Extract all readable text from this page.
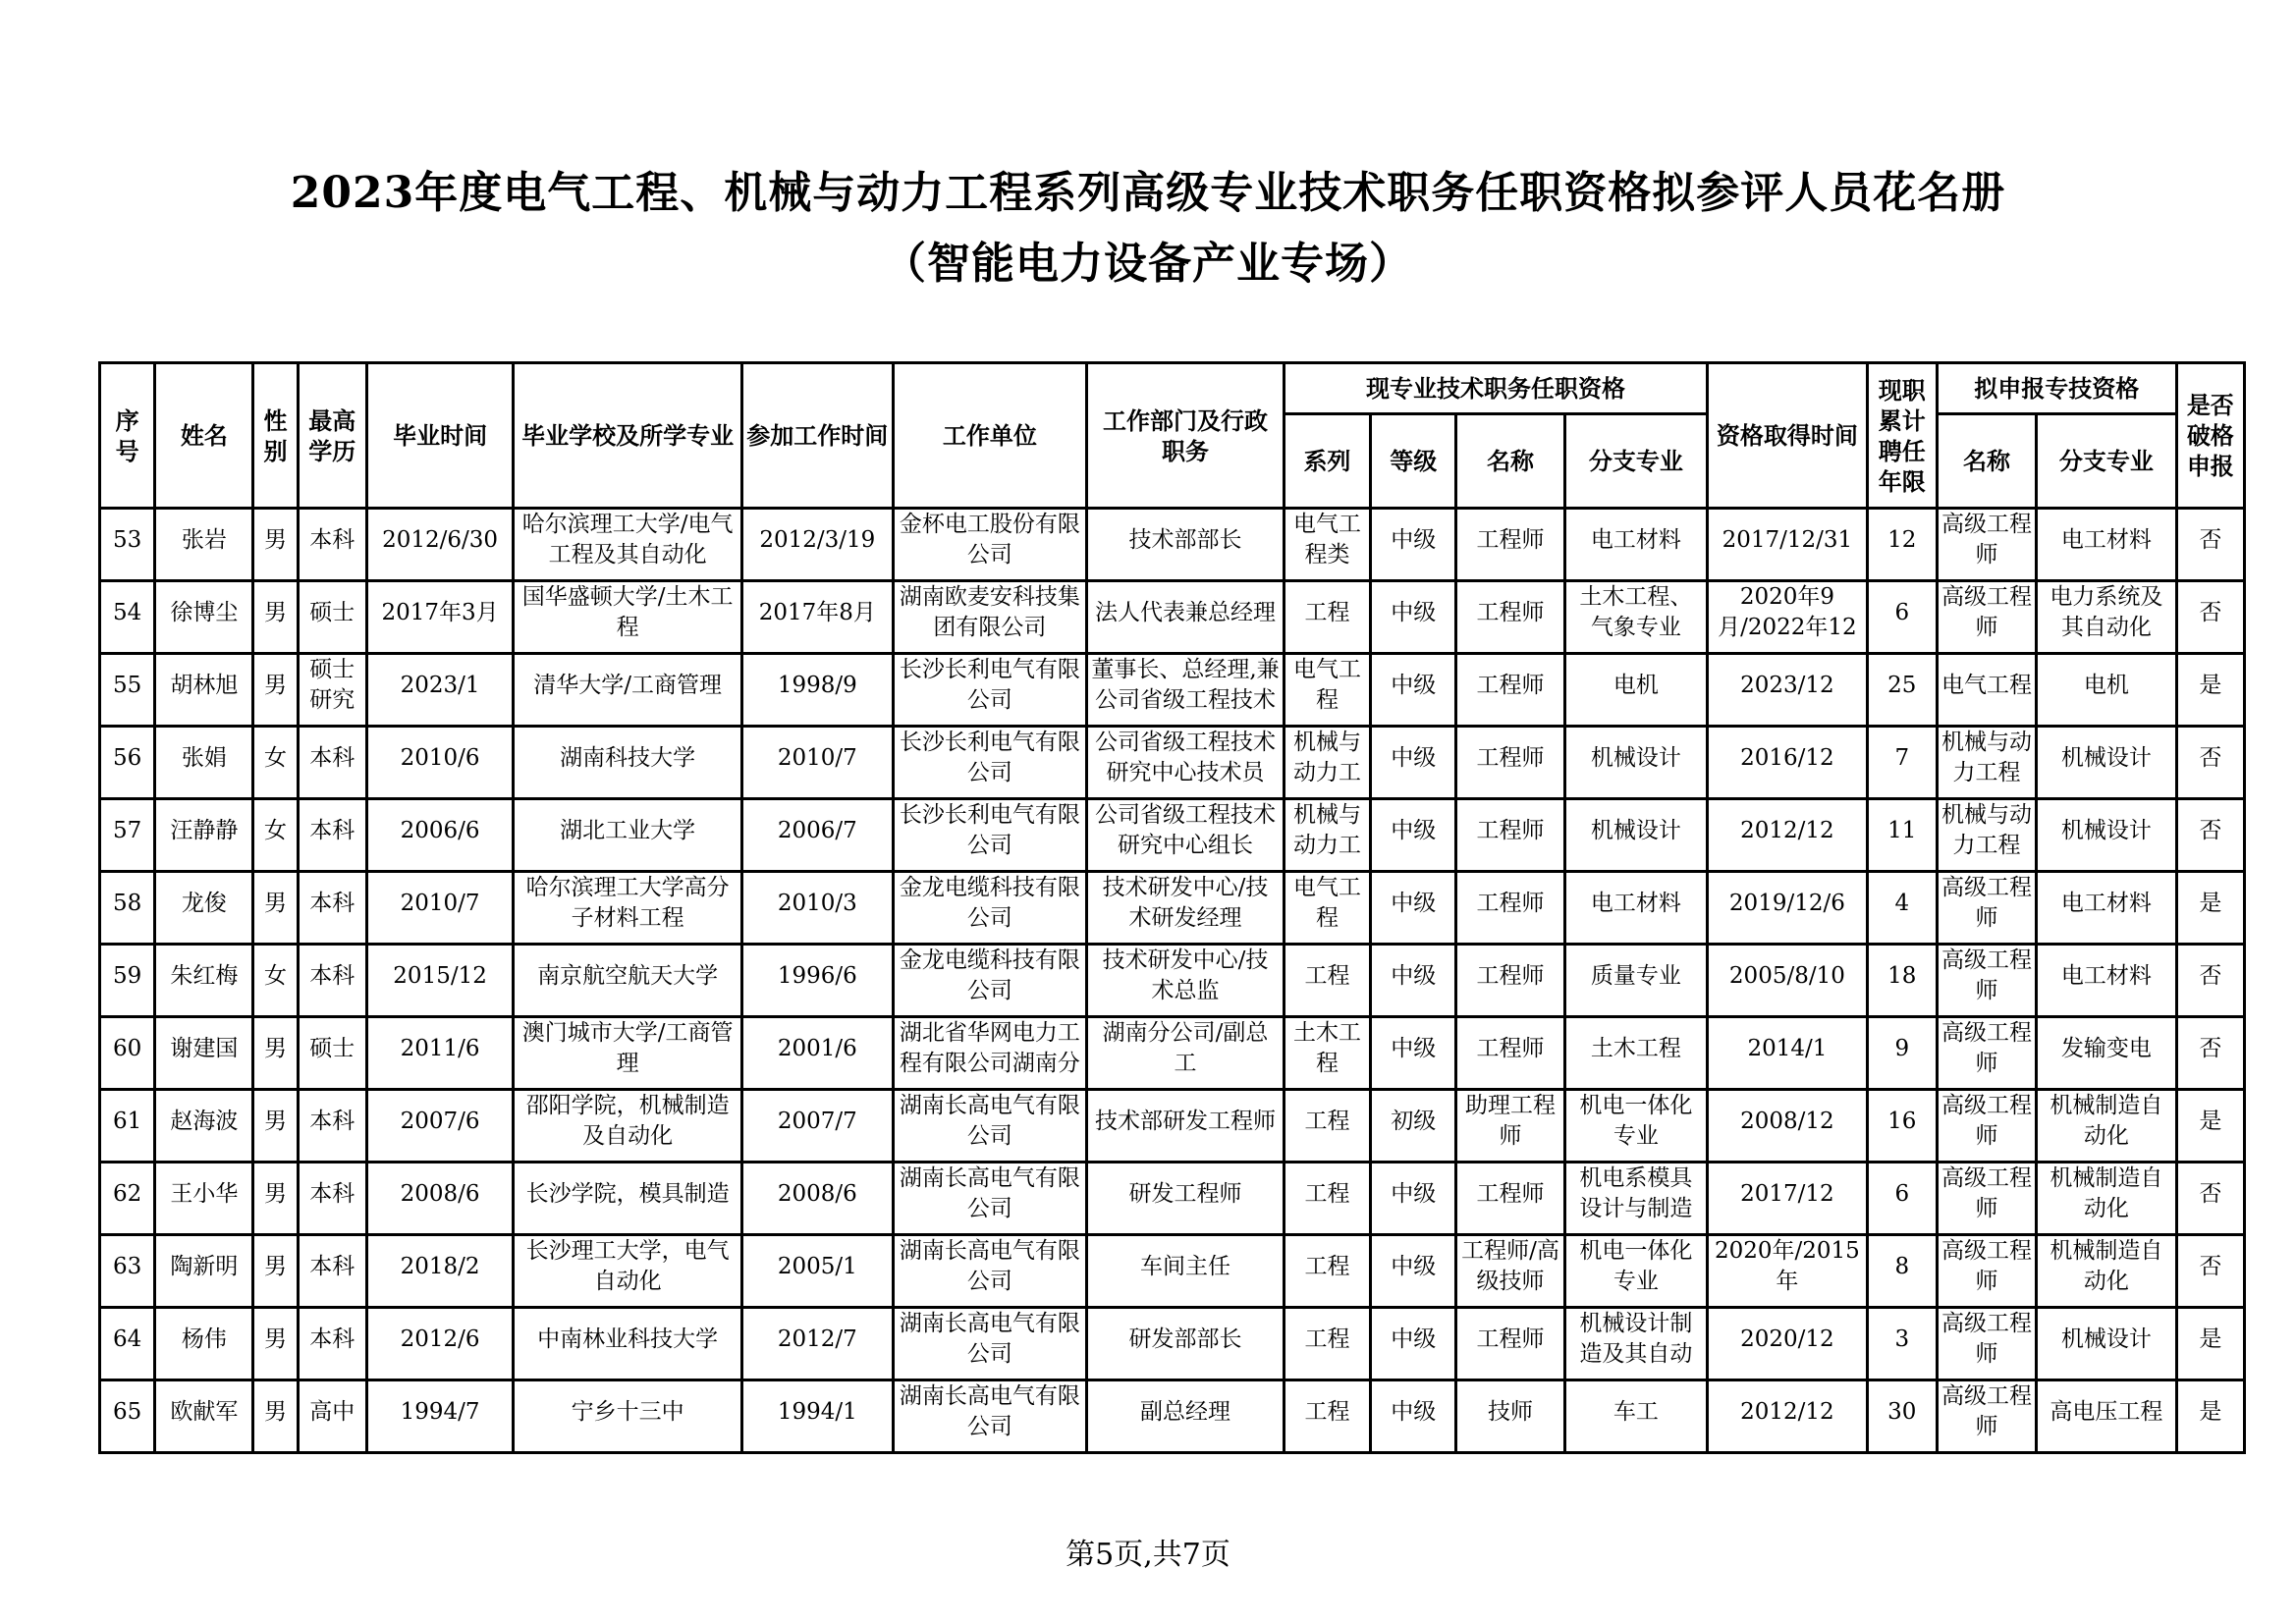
2023年度电气工程、机械与动力工程系列高级专业技术职务任职资格拟参评人员花名册
（智能电力设备产业专场）
序号	姓名	性别	最高学历	毕业时间	毕业学校及所学专业	参加工作时间	工作单位	工作部门及行政职务	现专业技术职务任职资格				资格取得时间	现职累计聘任年限	拟申报专技资格		是否破格申报
									系列	等级	名称	分支专业			名称	分支专业	
53	张岩	男	本科	2012/6/30	哈尔滨理工大学/电气工程及其自动化	2012/3/19	金杯电工股份有限公司	技术部部长	电气工程类	中级	工程师	电工材料	2017/12/31	12	高级工程师	电工材料	否
54	徐博尘	男	硕士	2017年3月	国华盛顿大学/土木工程	2017年8月	湖南欧麦安科技集团有限公司	法人代表兼总经理	工程	中级	工程师	土木工程、气象专业	2020年9月/2022年12	6	高级工程师	电力系统及其自动化	否
55	胡林旭	男	硕士研究	2023/1	清华大学/工商管理	1998/9	长沙长利电气有限公司	董事长、总经理,兼公司省级工程技术	电气工程	中级	工程师	电机	2023/12	25	电气工程	电机	是
56	张娟	女	本科	2010/6	湖南科技大学	2010/7	长沙长利电气有限公司	公司省级工程技术研究中心技术员	机械与动力工	中级	工程师	机械设计	2016/12	7	机械与动力工程	机械设计	否
57	汪静静	女	本科	2006/6	湖北工业大学	2006/7	长沙长利电气有限公司	公司省级工程技术研究中心组长	机械与动力工	中级	工程师	机械设计	2012/12	11	机械与动力工程	机械设计	否
58	龙俊	男	本科	2010/7	哈尔滨理工大学高分子材料工程	2010/3	金龙电缆科技有限公司	技术研发中心/技术研发经理	电气工程	中级	工程师	电工材料	2019/12/6	4	高级工程师	电工材料	是
59	朱红梅	女	本科	2015/12	南京航空航天大学	1996/6	金龙电缆科技有限公司	技术研发中心/技术总监	工程	中级	工程师	质量专业	2005/8/10	18	高级工程师	电工材料	否
60	谢建国	男	硕士	2011/6	澳门城市大学/工商管理	2001/6	湖北省华网电力工程有限公司湖南分	湖南分公司/副总工	土木工程	中级	工程师	土木工程	2014/1	9	高级工程师	发输变电	否
61	赵海波	男	本科	2007/6	邵阳学院，机械制造及自动化	2007/7	湖南长高电气有限公司	技术部研发工程师	工程	初级	助理工程师	机电一体化专业	2008/12	16	高级工程师	机械制造自动化	是
62	王小华	男	本科	2008/6	长沙学院，模具制造	2008/6	湖南长高电气有限公司	研发工程师	工程	中级	工程师	机电系模具设计与制造	2017/12	6	高级工程师	机械制造自动化	否
63	陶新明	男	本科	2018/2	长沙理工大学，电气自动化	2005/1	湖南长高电气有限公司	车间主任	工程	中级	工程师/高级技师	机电一体化专业	2020年/2015年	8	高级工程师	机械制造自动化	否
64	杨伟	男	本科	2012/6	中南林业科技大学	2012/7	湖南长高电气有限公司	研发部部长	工程	中级	工程师	机械设计制造及其自动	2020/12	3	高级工程师	机械设计	是
65	欧献军	男	高中	1994/7	宁乡十三中	1994/1	湖南长高电气有限公司	副总经理	工程	中级	技师	车工	2012/12	30	高级工程师	高电压工程	是
第5页,共7页
